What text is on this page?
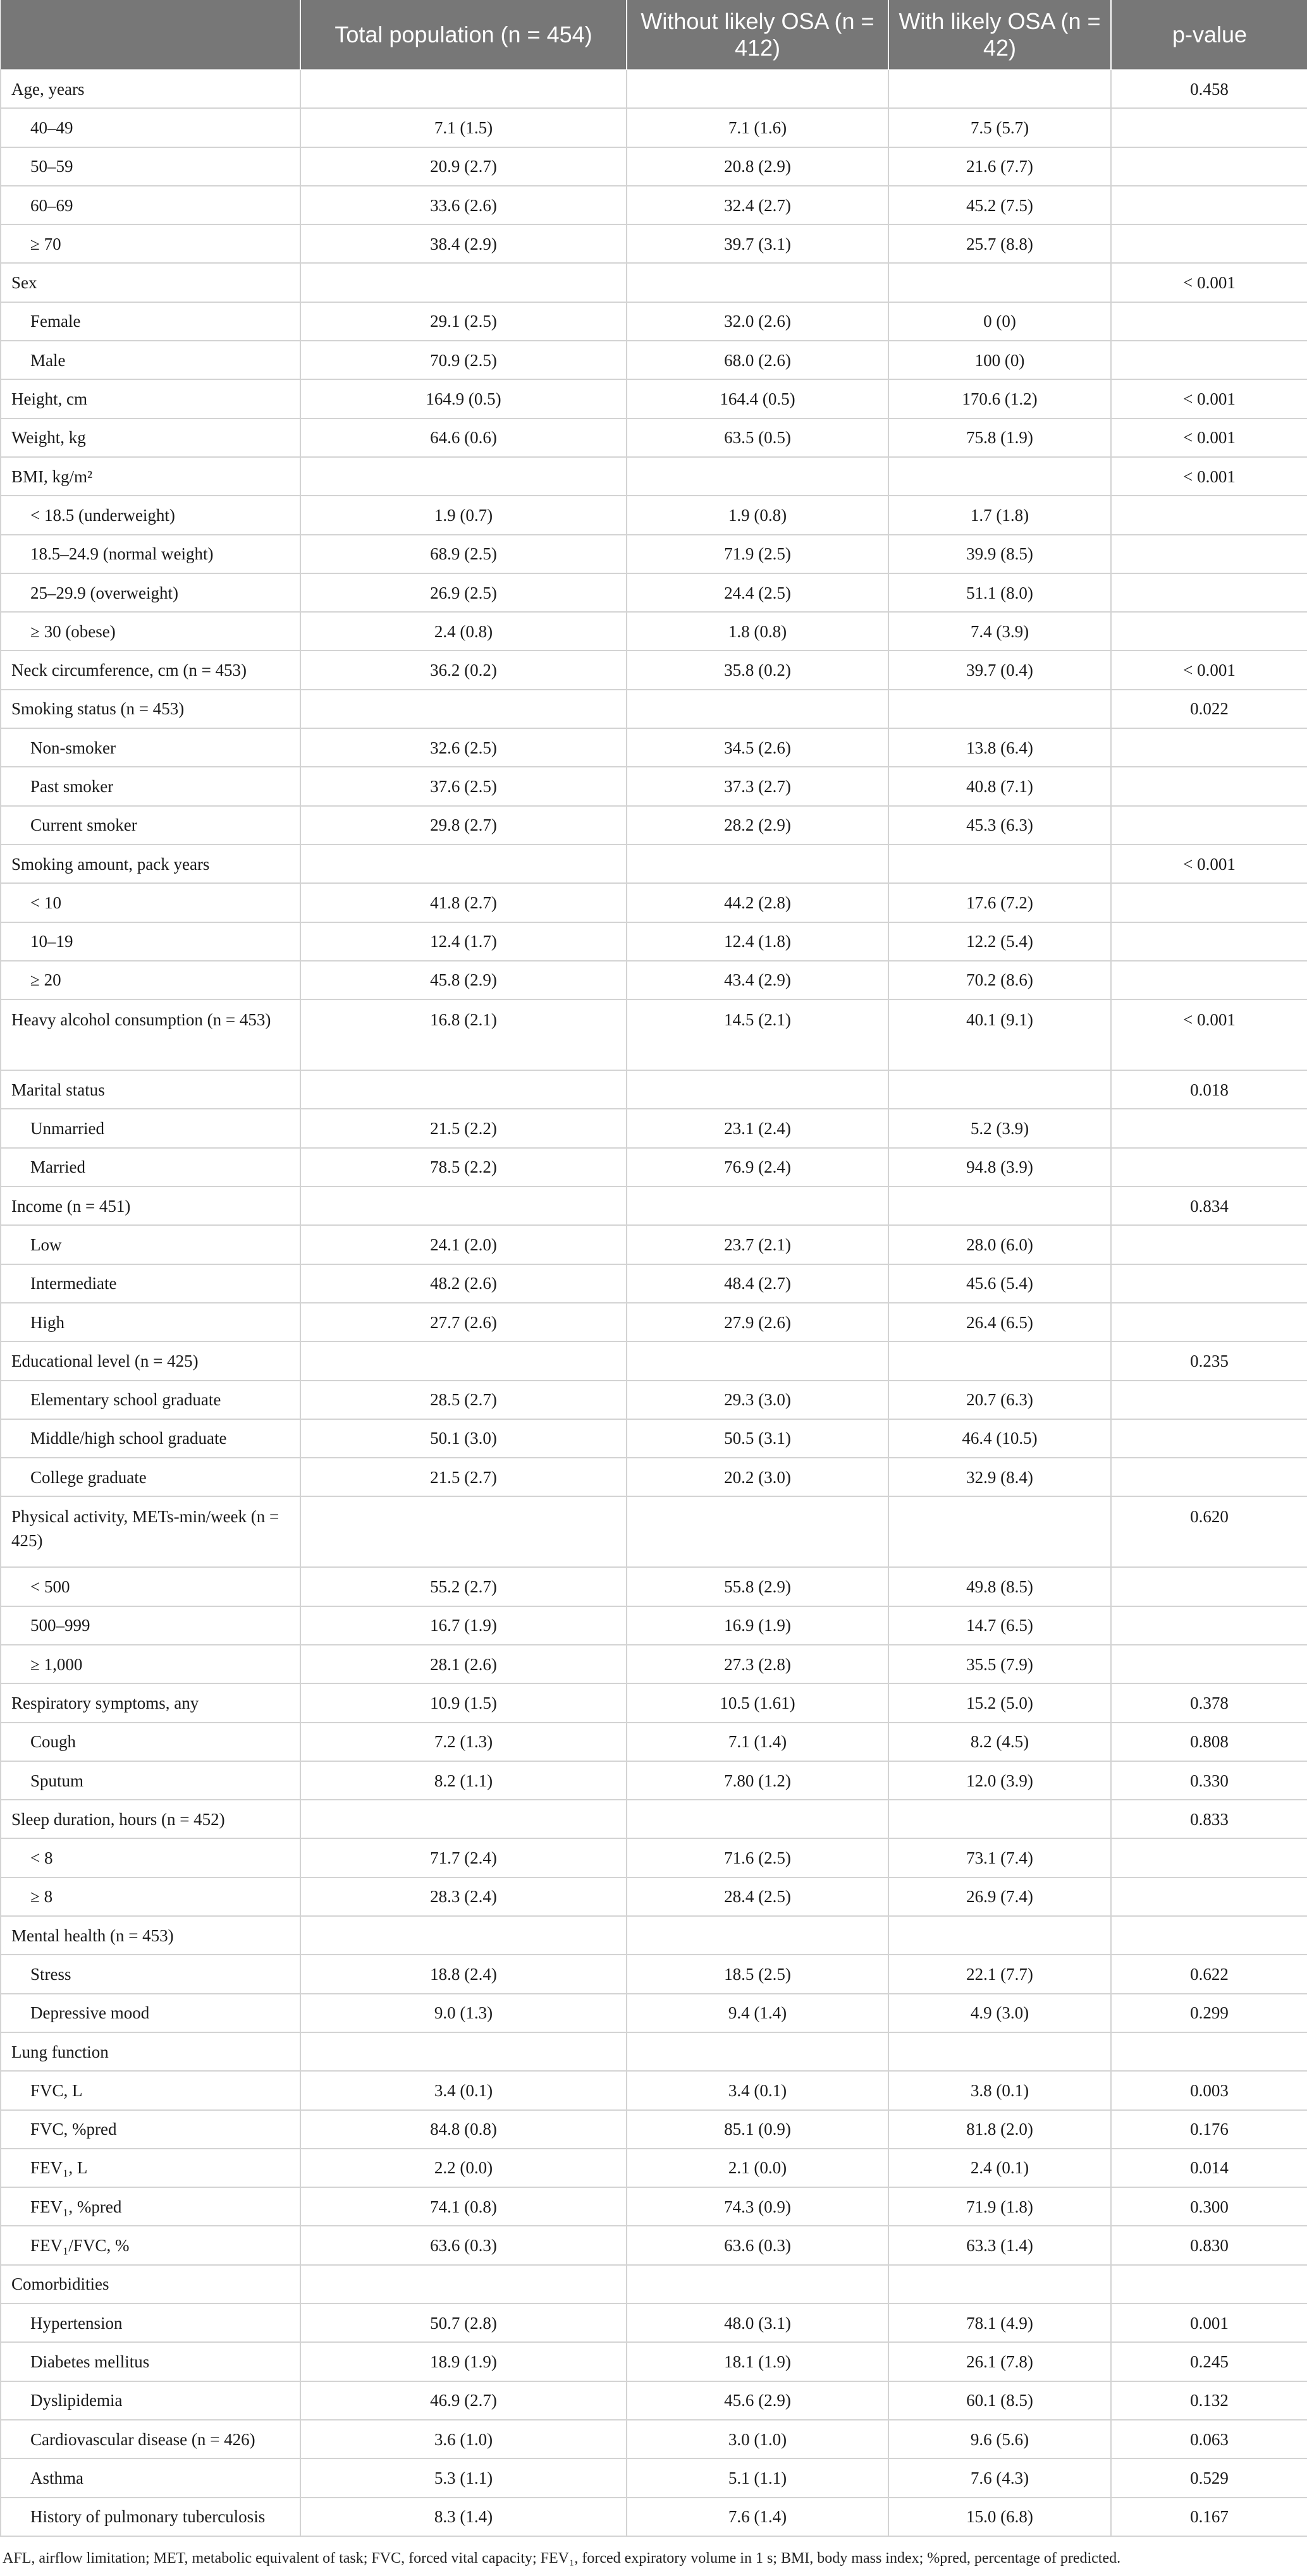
	Total population (n = 454)	Without likely OSA (n = 412)	With likely OSA (n = 42)	p-value
Age, years				0.458
40–49	7.1 (1.5)	7.1 (1.6)	7.5 (5.7)	
50–59	20.9 (2.7)	20.8 (2.9)	21.6 (7.7)	
60–69	33.6 (2.6)	32.4 (2.7)	45.2 (7.5)	
≥ 70	38.4 (2.9)	39.7 (3.1)	25.7 (8.8)	
Sex				< 0.001
Female	29.1 (2.5)	32.0 (2.6)	0 (0)	
Male	70.9 (2.5)	68.0 (2.6)	100 (0)	
Height, cm	164.9 (0.5)	164.4 (0.5)	170.6 (1.2)	< 0.001
Weight, kg	64.6 (0.6)	63.5 (0.5)	75.8 (1.9)	< 0.001
BMI, kg/m²				< 0.001
< 18.5 (underweight)	1.9 (0.7)	1.9 (0.8)	1.7 (1.8)	
18.5–24.9 (normal weight)	68.9 (2.5)	71.9 (2.5)	39.9 (8.5)	
25–29.9 (overweight)	26.9 (2.5)	24.4 (2.5)	51.1 (8.0)	
≥ 30 (obese)	2.4 (0.8)	1.8 (0.8)	7.4 (3.9)	
Neck circumference, cm (n = 453)	36.2 (0.2)	35.8 (0.2)	39.7 (0.4)	< 0.001
Smoking status (n = 453)				0.022
Non-smoker	32.6 (2.5)	34.5 (2.6)	13.8 (6.4)	
Past smoker	37.6 (2.5)	37.3 (2.7)	40.8 (7.1)	
Current smoker	29.8 (2.7)	28.2 (2.9)	45.3 (6.3)	
Smoking amount, pack years				< 0.001
< 10	41.8 (2.7)	44.2 (2.8)	17.6 (7.2)	
10–19	12.4 (1.7)	12.4 (1.8)	12.2 (5.4)	
≥ 20	45.8 (2.9)	43.4 (2.9)	70.2 (8.6)	
Heavy alcohol consumption (n = 453)	16.8 (2.1)	14.5 (2.1)	40.1 (9.1)	< 0.001
Marital status				0.018
Unmarried	21.5 (2.2)	23.1 (2.4)	5.2 (3.9)	
Married	78.5 (2.2)	76.9 (2.4)	94.8 (3.9)	
Income (n = 451)				0.834
Low	24.1 (2.0)	23.7 (2.1)	28.0 (6.0)	
Intermediate	48.2 (2.6)	48.4 (2.7)	45.6 (5.4)	
High	27.7 (2.6)	27.9 (2.6)	26.4 (6.5)	
Educational level (n = 425)				0.235
Elementary school graduate	28.5 (2.7)	29.3 (3.0)	20.7 (6.3)	
Middle/high school graduate	50.1 (3.0)	50.5 (3.1)	46.4 (10.5)	
College graduate	21.5 (2.7)	20.2 (3.0)	32.9 (8.4)	
Physical activity, METs-min/week (n = 425)				0.620
< 500	55.2 (2.7)	55.8 (2.9)	49.8 (8.5)	
500–999	16.7 (1.9)	16.9 (1.9)	14.7 (6.5)	
≥ 1,000	28.1 (2.6)	27.3 (2.8)	35.5 (7.9)	
Respiratory symptoms, any	10.9 (1.5)	10.5 (1.61)	15.2 (5.0)	0.378
Cough	7.2 (1.3)	7.1 (1.4)	8.2 (4.5)	0.808
Sputum	8.2 (1.1)	7.80 (1.2)	12.0 (3.9)	0.330
Sleep duration, hours (n = 452)				0.833
< 8	71.7 (2.4)	71.6 (2.5)	73.1 (7.4)	
≥ 8	28.3 (2.4)	28.4 (2.5)	26.9 (7.4)	
Mental health (n = 453)				
Stress	18.8 (2.4)	18.5 (2.5)	22.1 (7.7)	0.622
Depressive mood	9.0 (1.3)	9.4 (1.4)	4.9 (3.0)	0.299
Lung function				
FVC, L	3.4 (0.1)	3.4 (0.1)	3.8 (0.1)	0.003
FVC, %pred	84.8 (0.8)	85.1 (0.9)	81.8 (2.0)	0.176
FEV₁, L	2.2 (0.0)	2.1 (0.0)	2.4 (0.1)	0.014
FEV₁, %pred	74.1 (0.8)	74.3 (0.9)	71.9 (1.8)	0.300
FEV₁/FVC, %	63.6 (0.3)	63.6 (0.3)	63.3 (1.4)	0.830
Comorbidities				
Hypertension	50.7 (2.8)	48.0 (3.1)	78.1 (4.9)	0.001
Diabetes mellitus	18.9 (1.9)	18.1 (1.9)	26.1 (7.8)	0.245
Dyslipidemia	46.9 (2.7)	45.6 (2.9)	60.1 (8.5)	0.132
Cardiovascular disease (n = 426)	3.6 (1.0)	3.0 (1.0)	9.6 (5.6)	0.063
Asthma	5.3 (1.1)	5.1 (1.1)	7.6 (4.3)	0.529
History of pulmonary tuberculosis	8.3 (1.4)	7.6 (1.4)	15.0 (6.8)	0.167
AFL, airflow limitation; MET, metabolic equivalent of task; FVC, forced vital capacity; FEV₁, forced expiratory volume in 1 s; BMI, body mass index; %pred, percentage of predicted.
